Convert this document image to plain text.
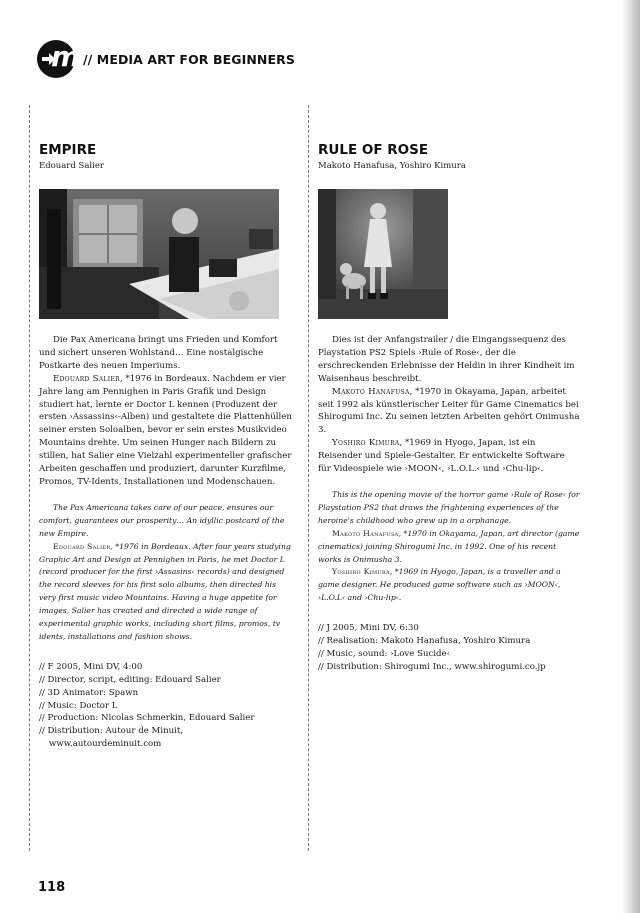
m // MEDIA ART FOR BEGINNERS
EMPIRE
Edouard Salier

Die Pax Americana bringt uns Frieden und Komfort und sichert unseren Wohlstand… Eine nostalgische Postkarte des neuen Imperiums.

Edouard Salier, *1976 in Bordeaux. Nachdem er vier Jahre lang am Pennighen in Paris Grafik und Design studiert hat, lernte er Doctor L kennen (Produzent der ersten ›Assassins‹-Alben) und gestaltete die Plattenhüllen seiner ersten Soloalben, bevor er sein erstes Musikvideo Mountains drehte. Um seinen Hunger nach Bildern zu stillen, hat Salier eine Vielzahl experimenteller grafischer Arbeiten geschaffen und produziert, darunter Kurzfilme, Promos, TV-Idents, Installationen und Modenschauen.

The Pax Americana takes care of our peace, ensures our comfort, guarantees our prosperity… An idyllic postcard of the new Empire.

Edouard Salier, *1976 in Bordeaux. After four years studying Graphic Art and Design at Pennighen in Paris, he met Doctor L (record producer for the first ›Assasins‹ records) and designed the record sleeves for his first solo albums, then directed his very first music video Mountains. Having a huge appetite for images, Salier has created and directed a wide range of experimental graphic works, including short films, promos, tv idents, installations and fashion shows.

// F 2005, Mini DV, 4:00
// Director, script, editing: Edouard Salier
// 3D Animator: Spawn
// Music: Doctor L
// Production: Nicolas Schmerkin, Edouard Salier
// Distribution: Autour de Minuit,
www.autourdeminuit.com
RULE OF ROSE
Makoto Hanafusa, Yoshiro Kimura

Dies ist der Anfangstrailer / die Eingangssequenz des Playstation PS2 Spiels ›Rule of Rose‹, der die erschreckenden Erlebnisse der Heldin in ihrer Kindheit im Waisenhaus beschreibt.

Makoto Hanafusa, *1970 in Okayama, Japan, arbeitet seit 1992 als künstlerischer Leiter für Game Cinematics bei Shirogumi Inc. Zu seinen letzten Arbeiten gehört Onimusha 3.

Yoshiro Kimura, *1969 in Hyogo, Japan, ist ein Reisender und Spiele-Gestalter. Er entwickelte Software für Videospiele wie ›MOON‹, ›L.O.L.‹ und ›Chu-lip‹.

This is the opening movie of the horror game ›Rule of Rose‹ for Playstation PS2 that draws the frightening experiences of the heroine's childhood who grew up in a orphanage.

Makoto Hanafusa, *1970 in Okayama, Japan, art director (game cinematics) joining Shirogumi Inc. in 1992. One of his recent works is Onimusha 3.

Yoshiro Kimura, *1969 in Hyogo, Japan, is a traveller and a game designer. He produced game software such as ›MOON‹, ›L.O.L‹ and ›Chu-lip‹.

// J 2005, Mini DV, 6:30
// Realisation: Makoto Hanafusa, Yoshiro Kimura
// Music, sound: ›Love Sucide‹
// Distribution: Shirogumi Inc., www.shirogumi.co.jp
118
